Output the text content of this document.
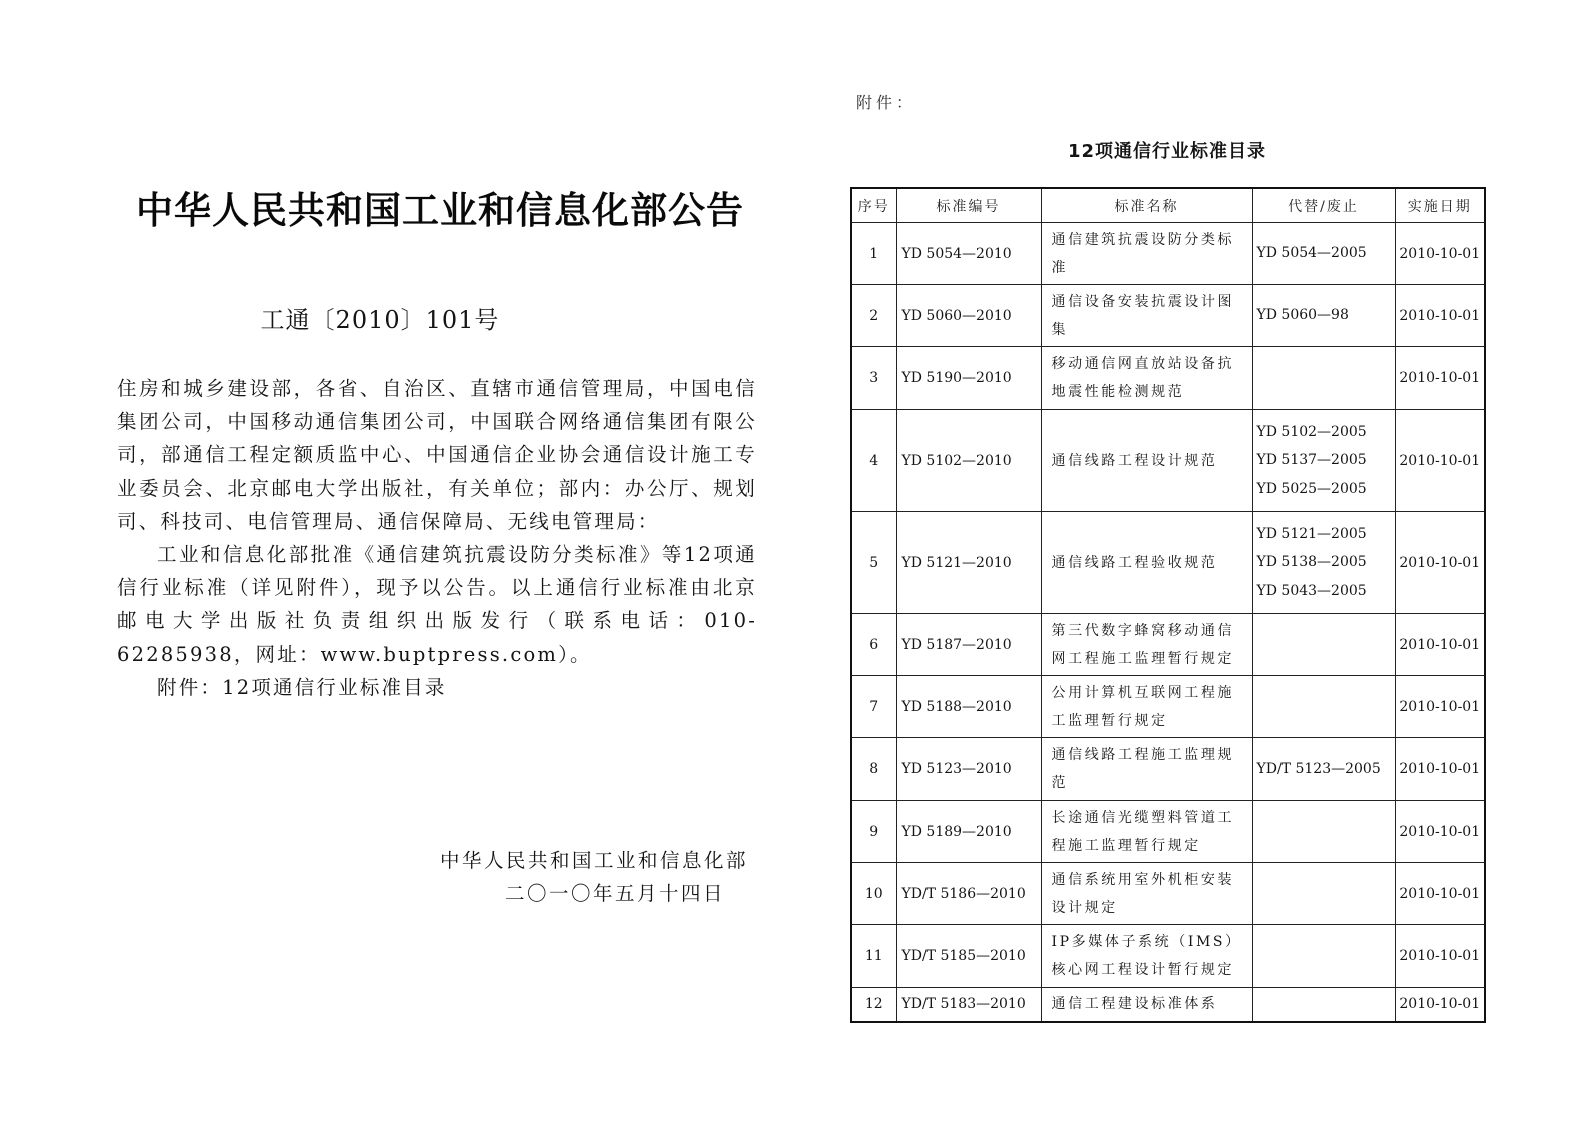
中华人民共和国工业和信息化部公告
工通〔2010〕101号

住房和城乡建设部，各省、自治区、直辖市通信管理局，中国电信集团公司，中国移动通信集团公司，中国联合网络通信集团有限公司，部通信工程定额质监中心、中国通信企业协会通信设计施工专业委员会、北京邮电大学出版社，有关单位；部内：办公厅、规划司、科技司、电信管理局、通信保障局、无线电管理局：

工业和信息化部批准《通信建筑抗震设防分类标准》等12项通信行业标准（详见附件），现予以公告。以上通信行业标准由北京邮电大学出版社负责组织出版发行（联系电话：010-62285938，网址：www.buptpress.com）。

附件：12项通信行业标准目录

中华人民共和国工业和信息化部
二〇一〇年五月十四日
附件：
12项通信行业标准目录
序号	标准编号	标准名称	代替/废止	实施日期
1	YD 5054—2010	通信建筑抗震设防分类标准	YD 5054—2005	2010-10-01
2	YD 5060—2010	通信设备安装抗震设计图集	YD 5060—98	2010-10-01
3	YD 5190—2010	移动通信网直放站设备抗地震性能检测规范		2010-10-01
4	YD 5102—2010	通信线路工程设计规范	YD 5102—2005
YD 5137—2005
YD 5025—2005	2010-10-01
5	YD 5121—2010	通信线路工程验收规范	YD 5121—2005
YD 5138—2005
YD 5043—2005	2010-10-01
6	YD 5187—2010	第三代数字蜂窝移动通信网工程施工监理暂行规定		2010-10-01
7	YD 5188—2010	公用计算机互联网工程施工监理暂行规定		2010-10-01
8	YD 5123—2010	通信线路工程施工监理规范	YD/T 5123—2005	2010-10-01
9	YD 5189—2010	长途通信光缆塑料管道工程施工监理暂行规定		2010-10-01
10	YD/T 5186—2010	通信系统用室外机柜安装设计规定		2010-10-01
11	YD/T 5185—2010	IP多媒体子系统（IMS）核心网工程设计暂行规定		2010-10-01
12	YD/T 5183—2010	通信工程建设标准体系		2010-10-01
